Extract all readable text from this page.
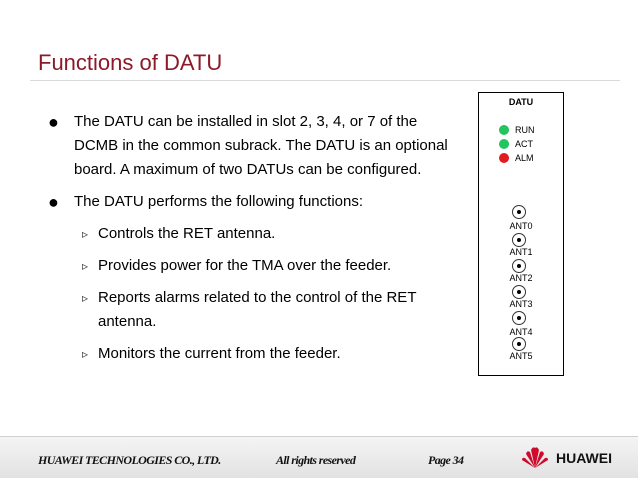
Functions of DATU
● The DATU can be installed in slot 2, 3, 4, or 7 of the DCMB in the common subrack. The DATU is an optional board. A maximum of two DATUs can be configured.
● The DATU performs the following functions:
▹ Controls the RET antenna.
▹ Provides power for the TMA over the feeder.
▹ Reports alarms related to the control of the RET antenna.
▹ Monitors the current from the feeder.
DATU
RUN
ACT
ALM
ANT0
ANT1
ANT2
ANT3
ANT4
ANT5
HUAWEI TECHNOLOGIES CO., LTD.	All rights reserved	Page 34	HUAWEI
